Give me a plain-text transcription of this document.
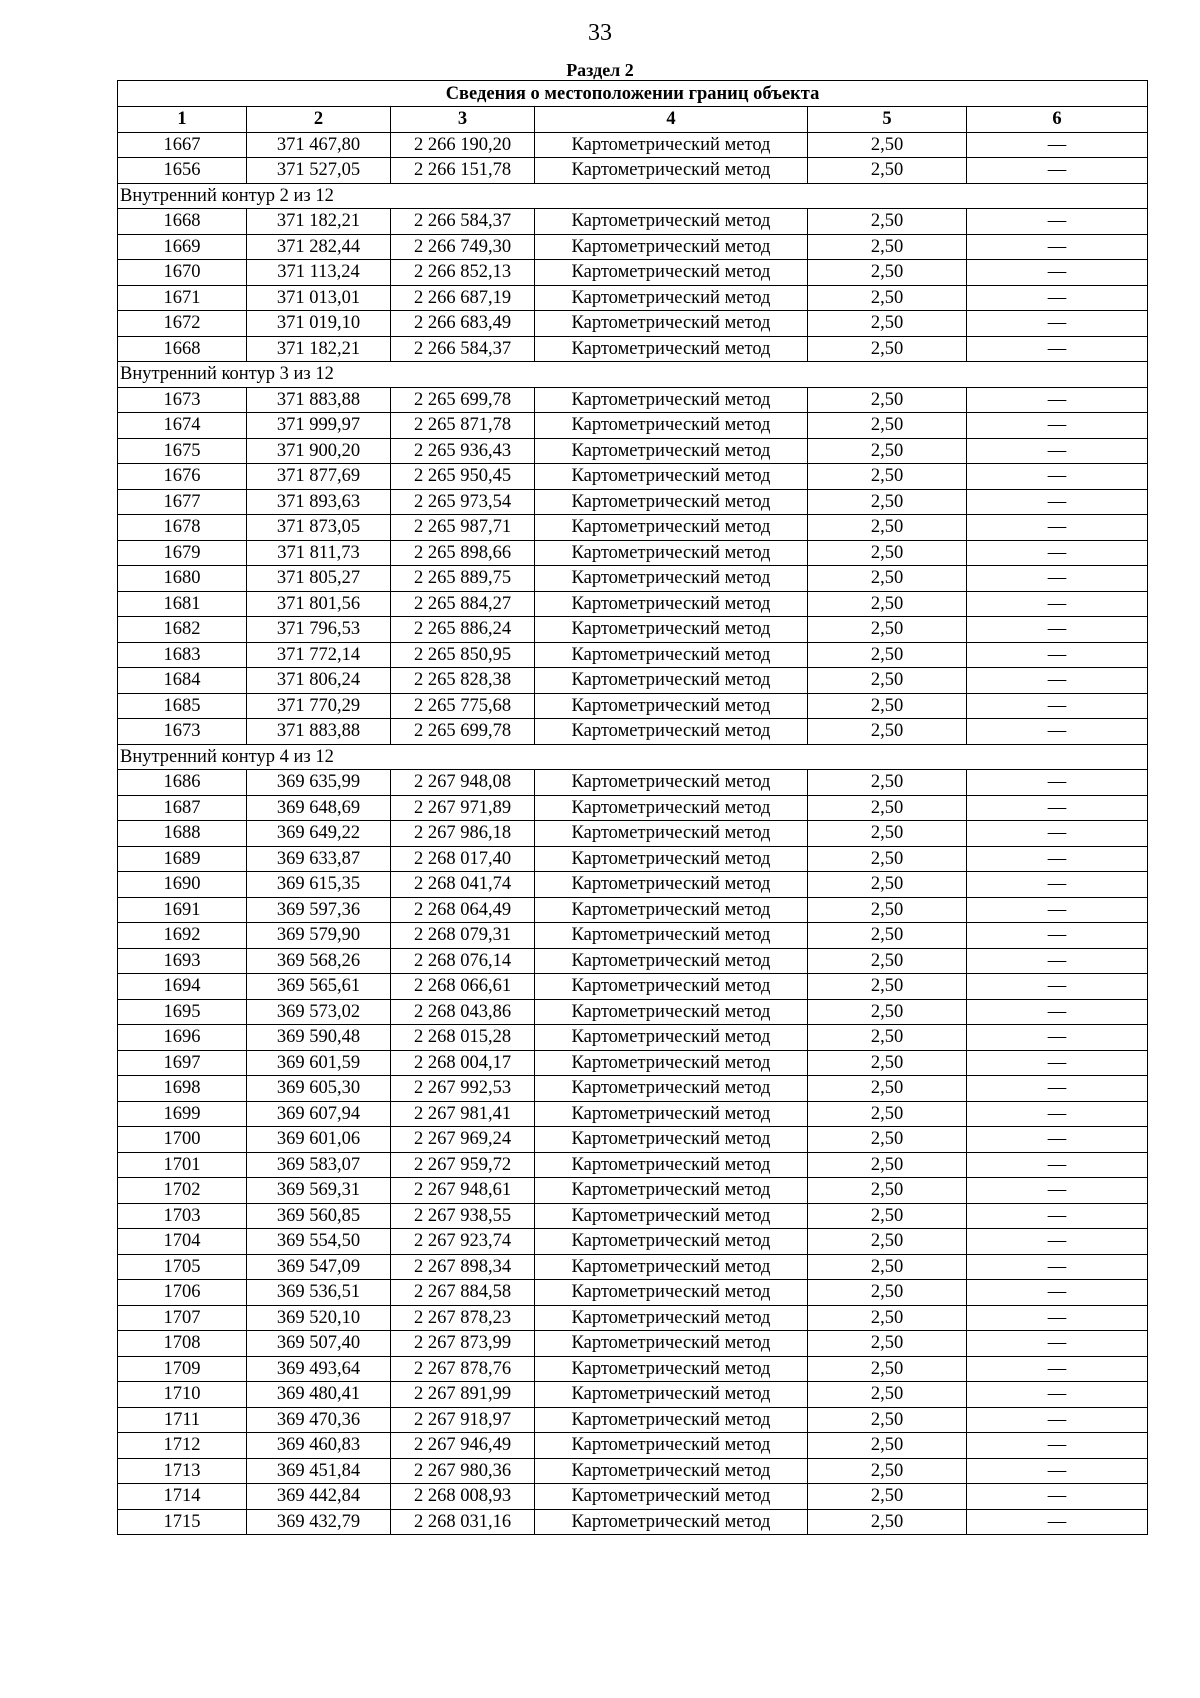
33
Раздел 2
Сведения о местоположении границ объекта					
1	2	3	4	5	6
1667	371 467,80	2 266 190,20	Картометрический метод	2,50	—
1656	371 527,05	2 266 151,78	Картометрический метод	2,50	—
Внутренний контур 2 из 12					
1668	371 182,21	2 266 584,37	Картометрический метод	2,50	—
1669	371 282,44	2 266 749,30	Картометрический метод	2,50	—
1670	371 113,24	2 266 852,13	Картометрический метод	2,50	—
1671	371 013,01	2 266 687,19	Картометрический метод	2,50	—
1672	371 019,10	2 266 683,49	Картометрический метод	2,50	—
1668	371 182,21	2 266 584,37	Картометрический метод	2,50	—
Внутренний контур 3 из 12					
1673	371 883,88	2 265 699,78	Картометрический метод	2,50	—
1674	371 999,97	2 265 871,78	Картометрический метод	2,50	—
1675	371 900,20	2 265 936,43	Картометрический метод	2,50	—
1676	371 877,69	2 265 950,45	Картометрический метод	2,50	—
1677	371 893,63	2 265 973,54	Картометрический метод	2,50	—
1678	371 873,05	2 265 987,71	Картометрический метод	2,50	—
1679	371 811,73	2 265 898,66	Картометрический метод	2,50	—
1680	371 805,27	2 265 889,75	Картометрический метод	2,50	—
1681	371 801,56	2 265 884,27	Картометрический метод	2,50	—
1682	371 796,53	2 265 886,24	Картометрический метод	2,50	—
1683	371 772,14	2 265 850,95	Картометрический метод	2,50	—
1684	371 806,24	2 265 828,38	Картометрический метод	2,50	—
1685	371 770,29	2 265 775,68	Картометрический метод	2,50	—
1673	371 883,88	2 265 699,78	Картометрический метод	2,50	—
Внутренний контур 4 из 12					
1686	369 635,99	2 267 948,08	Картометрический метод	2,50	—
1687	369 648,69	2 267 971,89	Картометрический метод	2,50	—
1688	369 649,22	2 267 986,18	Картометрический метод	2,50	—
1689	369 633,87	2 268 017,40	Картометрический метод	2,50	—
1690	369 615,35	2 268 041,74	Картометрический метод	2,50	—
1691	369 597,36	2 268 064,49	Картометрический метод	2,50	—
1692	369 579,90	2 268 079,31	Картометрический метод	2,50	—
1693	369 568,26	2 268 076,14	Картометрический метод	2,50	—
1694	369 565,61	2 268 066,61	Картометрический метод	2,50	—
1695	369 573,02	2 268 043,86	Картометрический метод	2,50	—
1696	369 590,48	2 268 015,28	Картометрический метод	2,50	—
1697	369 601,59	2 268 004,17	Картометрический метод	2,50	—
1698	369 605,30	2 267 992,53	Картометрический метод	2,50	—
1699	369 607,94	2 267 981,41	Картометрический метод	2,50	—
1700	369 601,06	2 267 969,24	Картометрический метод	2,50	—
1701	369 583,07	2 267 959,72	Картометрический метод	2,50	—
1702	369 569,31	2 267 948,61	Картометрический метод	2,50	—
1703	369 560,85	2 267 938,55	Картометрический метод	2,50	—
1704	369 554,50	2 267 923,74	Картометрический метод	2,50	—
1705	369 547,09	2 267 898,34	Картометрический метод	2,50	—
1706	369 536,51	2 267 884,58	Картометрический метод	2,50	—
1707	369 520,10	2 267 878,23	Картометрический метод	2,50	—
1708	369 507,40	2 267 873,99	Картометрический метод	2,50	—
1709	369 493,64	2 267 878,76	Картометрический метод	2,50	—
1710	369 480,41	2 267 891,99	Картометрический метод	2,50	—
1711	369 470,36	2 267 918,97	Картометрический метод	2,50	—
1712	369 460,83	2 267 946,49	Картометрический метод	2,50	—
1713	369 451,84	2 267 980,36	Картометрический метод	2,50	—
1714	369 442,84	2 268 008,93	Картометрический метод	2,50	—
1715	369 432,79	2 268 031,16	Картометрический метод	2,50	—
